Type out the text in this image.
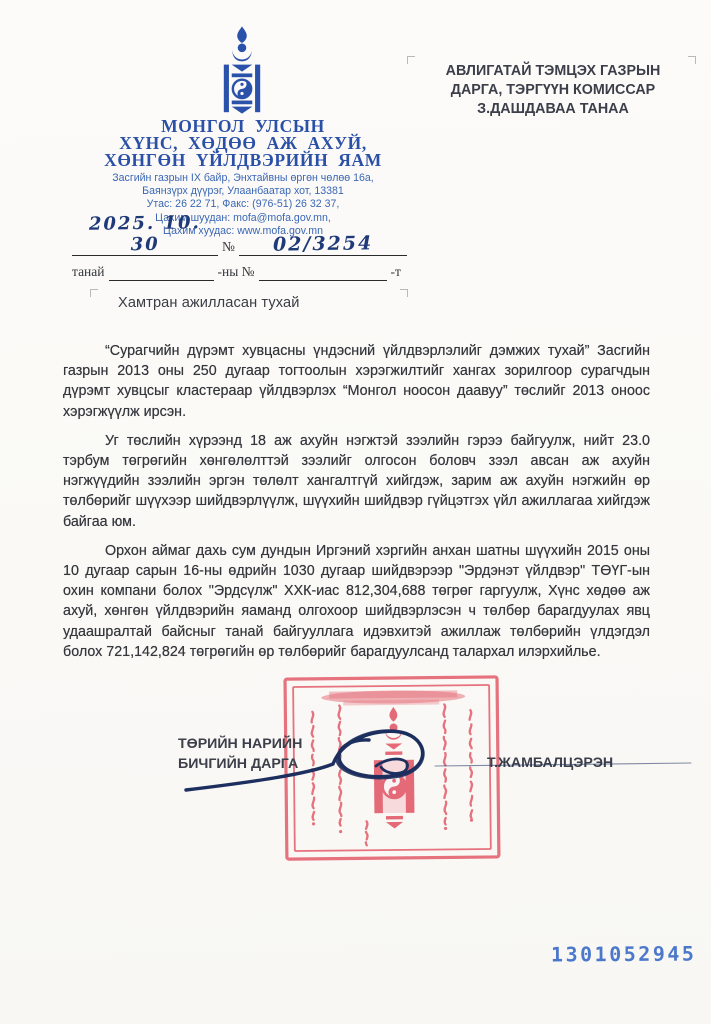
МОНГОЛ УЛСЫН
ХҮНС, ХӨДӨӨ АЖ АХУЙ,
ХӨНГӨН ҮЙЛДВЭРИЙН ЯАМ
Засгийн газрын IX байр, Энхтайвны өргөн чөлөө 16а,
Баянзүрх дүүрэг, Улаанбаатар хот, 13381
Утас: 26 22 71, Факс: (976-51) 26 32 37,
Цахим шуудан: mofa@mofa.gov.mn,
Цахим хуудас: www.mofa.gov.mn
АВЛИГАТАЙ ТЭМЦЭХ ГАЗРЫН
ДАРГА, ТЭРГҮҮН КОМИССАР
З.ДАШДАВАА ТАНАА
2025. 10. 30	№	02/3254
танай	-ны №	-т
Хамтран ажилласан тухай

“Сурагчийн дүрэмт хувцасны үндэсний үйлдвэрлэлийг дэмжих тухай” Засгийн газрын 2013 оны 250 дугаар тогтоолын хэрэгжилтийг хангах зорилгоор сурагчдын дүрэмт хувцсыг кластераар үйлдвэрлэх “Монгол ноосон даавуу” төслийг 2013 оноос хэрэгжүүлж ирсэн.

Уг төслийн хүрээнд 18 аж ахуйн нэгжтэй зээлийн гэрээ байгуулж, нийт 23.0 тэрбум төгрөгийн хөнгөлөлттэй зээлийг олгосон боловч зээл авсан аж ахуйн нэгжүүдийн зээлийн эргэн төлөлт хангалтгүй хийгдэж, зарим аж ахуйн нэгжийн өр төлбөрийг шүүхээр шийдвэрлүүлж, шүүхийн шийдвэр гүйцэтгэх үйл ажиллагаа хийгдэж байгаа юм.

Орхон аймаг дахь сум дундын Иргэний хэргийн анхан шатны шүүхийн 2015 оны 10 дугаар сарын 16-ны өдрийн 1030 дугаар шийдвэрээр "Эрдэнэт үйлдвэр" ТӨҮГ-ын охин компани болох "Эрдсүлж" ХХК-иас 812,304,688 төгрөг гаргуулж, Хүнс хөдөө аж ахуй, хөнгөн үйлдвэрийн яаманд олгохоор шийдвэрлэсэн ч төлбөр барагдуулах явц удаашралтай байсныг танай байгууллага идэвхитэй ажиллаж төлбөрийн үлдэгдэл болох 721,142,824 төгрөгийн өр төлбөрийг барагдуулсанд талархал илэрхийлье.

ТӨРИЙН НАРИЙН
БИЧГИЙН ДАРГА	Т.ЖАМБАЛЦЭРЭН
1301052945
